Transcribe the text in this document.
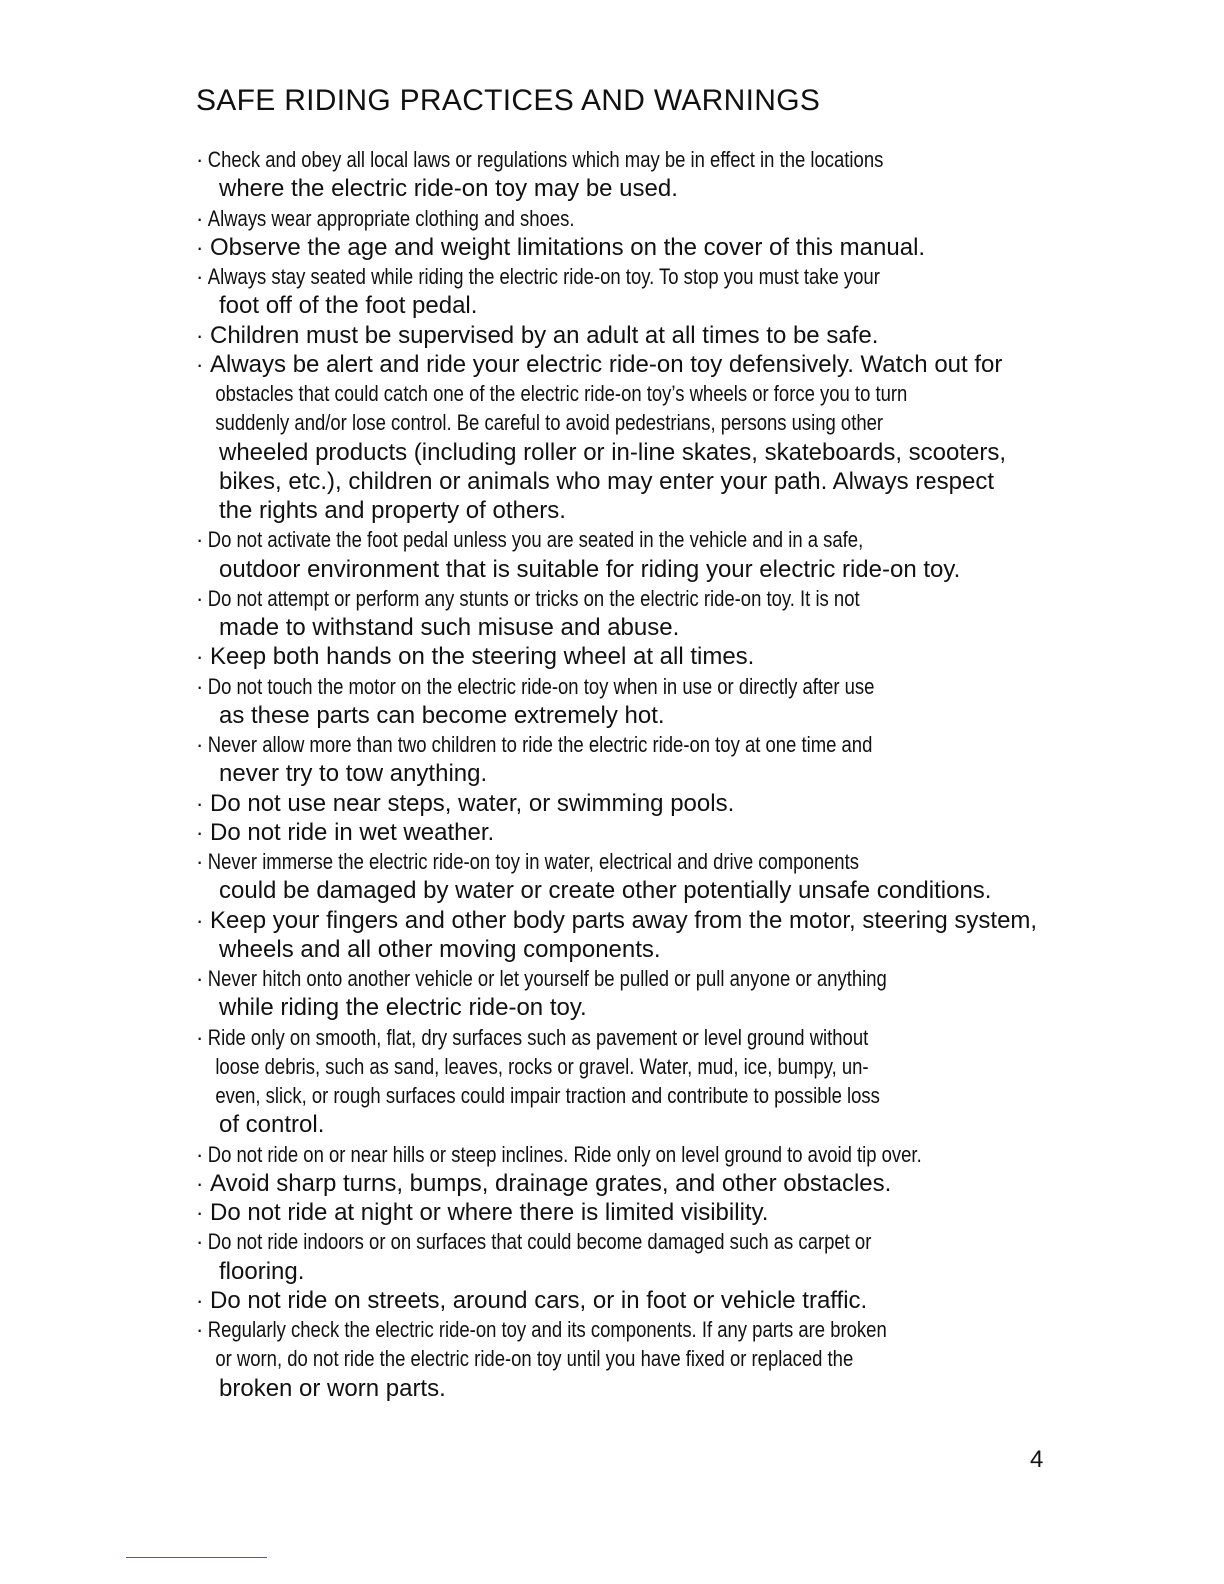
SAFE RIDING PRACTICES AND WARNINGS
· Check and obey all local laws or regulations which may be in effect in the locations
where the electric ride-on toy may be used.
· Always wear appropriate clothing and shoes.
· Observe the age and weight limitations on the cover of this manual.
· Always stay seated while riding the electric ride-on toy. To stop you must take your
foot off of the foot pedal.
· Children must be supervised by an adult at all times to be safe.
· Always be alert and ride your electric ride-on toy defensively. Watch out for
obstacles that could catch one of the electric ride-on toy’s wheels or force you to turn
suddenly and/or lose control. Be careful to avoid pedestrians, persons using other
wheeled products (including roller or in-line skates, skateboards, scooters,
bikes, etc.), children or animals who may enter your path. Always respect
the rights and property of others.
· Do not activate the foot pedal unless you are seated in the vehicle and in a safe,
outdoor environment that is suitable for riding your electric ride-on toy.
· Do not attempt or perform any stunts or tricks on the electric ride-on toy. It is not
made to withstand such misuse and abuse.
· Keep both hands on the steering wheel at all times.
· Do not touch the motor on the electric ride-on toy when in use or directly after use
as these parts can become extremely hot.
· Never allow more than two children to ride the electric ride-on toy at one time and
never try to tow anything.
· Do not use near steps, water, or swimming pools.
· Do not ride in wet weather.
· Never immerse the electric ride-on toy in water, electrical and drive components
could be damaged by water or create other potentially unsafe conditions.
· Keep your fingers and other body parts away from the motor, steering system,
wheels and all other moving components.
· Never hitch onto another vehicle or let yourself be pulled or pull anyone or anything
while riding the electric ride-on toy.
· Ride only on smooth, flat, dry surfaces such as pavement or level ground without
loose debris, such as sand, leaves, rocks or gravel. Water, mud, ice, bumpy, un-
even, slick, or rough surfaces could impair traction and contribute to possible loss
of control.
· Do not ride on or near hills or steep inclines. Ride only on level ground to avoid tip over.
· Avoid sharp turns, bumps, drainage grates, and other obstacles.
· Do not ride at night or where there is limited visibility.
· Do not ride indoors or on surfaces that could become damaged such as carpet or
flooring.
· Do not ride on streets, around cars, or in foot or vehicle traffic.
· Regularly check the electric ride-on toy and its components. If any parts are broken
or worn, do not ride the electric ride-on toy until you have fixed or replaced the
broken or worn parts.
4
